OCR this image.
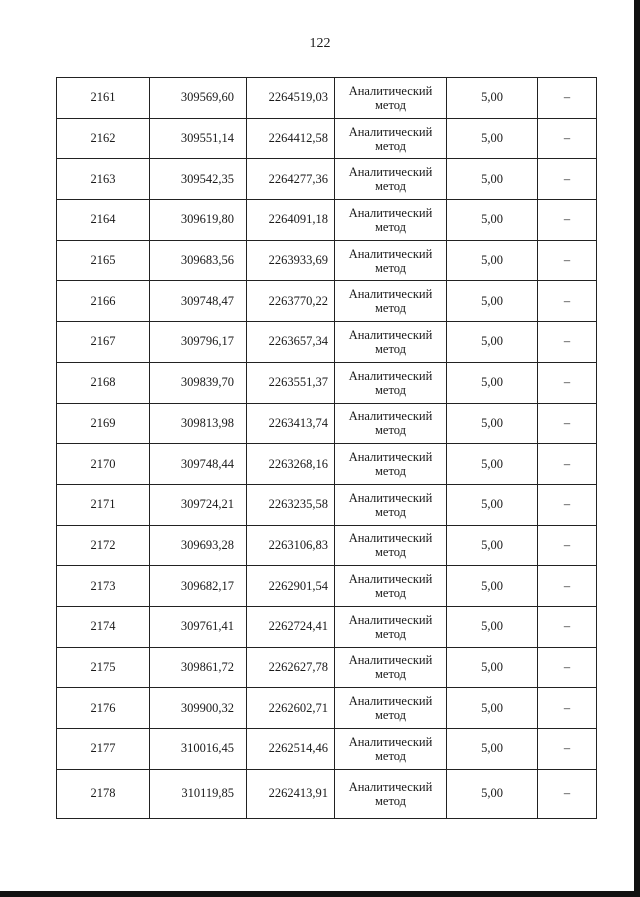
122
2161	309569,60	2264519,03	Аналитический
метод	5,00	–

2162	309551,14	2264412,58	Аналитический
метод	5,00	–

2163	309542,35	2264277,36	Аналитический
метод	5,00	–

2164	309619,80	2264091,18	Аналитический
метод	5,00	–

2165	309683,56	2263933,69	Аналитический
метод	5,00	–

2166	309748,47	2263770,22	Аналитический
метод	5,00	–

2167	309796,17	2263657,34	Аналитический
метод	5,00	–

2168	309839,70	2263551,37	Аналитический
метод	5,00	–

2169	309813,98	2263413,74	Аналитический
метод	5,00	–

2170	309748,44	2263268,16	Аналитический
метод	5,00	–

2171	309724,21	2263235,58	Аналитический
метод	5,00	–

2172	309693,28	2263106,83	Аналитический
метод	5,00	–

2173	309682,17	2262901,54	Аналитический
метод	5,00	–

2174	309761,41	2262724,41	Аналитический
метод	5,00	–

2175	309861,72	2262627,78	Аналитический
метод	5,00	–

2176	309900,32	2262602,71	Аналитический
метод	5,00	–

2177	310016,45	2262514,46	Аналитический
метод	5,00	–

2178	310119,85	2262413,91	Аналитический
метод	5,00	–
